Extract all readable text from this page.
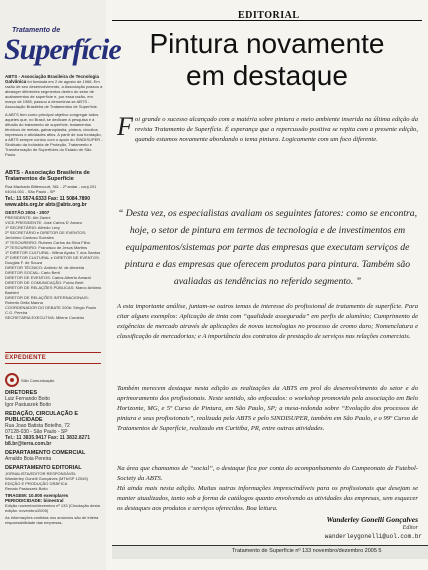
Tratamento de
Superfície
ABTS - Associação Brasileira de Tecnologia Galvânica foi fundada em 2 de agosto de 1968. Em razão de seu desenvolvimento, a Associação passou a abranger diferentes segmentos dentro do setor de acabamentos de superfície e, por essa razão, em março de 1985, passou a denominar-se ABTS - Associação Brasileira de Tratamentos de Superfície.
A ABTS tem como principal objetivo congregar todos aqueles que, no Brasil, se dedicam à pesquisa e à difusão do tratamento de superfície, tratamentos térmicos de metais, galvanoplastia, pintura, circuitos impressos e atividades afins. A partir de sua fundação, a ABTS sempre contou com o apoio do SINDISUPER - Sindicato da Indústria de Proteção, Tratamento e Transformação de Superfícies do Estado de São Paulo.
ABTS - Associação Brasileira de Tratamentos de Superfície
Rua Machado Bittencourt, 361 - 2º andar - conj.201 04044-001 - São Paulo - SP
Tel.: 11 5574.6333 Fax: 11 5084.7890
www.abts.org.br abts@abts.org.br
GESTÃO 2004 - 2007
PRESIDENTE: Airi Zanini
VICE-PRESIDENTE: José Carlos D' Amaro
1º SECRETÁRIO: Alfredo Levy
2º SECRETÁRIO e DIRETOR DE EVENTOS: Jerônimo Cardoso Sorrales
1º TESOUREIRO: Rubens Carlos da Silva Filho
2º TESOUREIRO: Francisco de Jesus Martins
1º DIRETOR CULTURAL: Wilma Ayako T. dos Santos
2º DIRETOR CULTURAL e DIRETOR DE EVENTOS: Douglas F. de Souza
DIRETOR TÉCNICO: Antônio M. de Almeida
DIRETOR SOCIAL: Carlo Berti
DIRETOR DE EVENTOS: Carlos Alberto Amaral
DIRETOR DE COMUNICAÇÃO: Fulvio Berti
DIRETOR DE RELAÇÕES PÚBLICAS: Marco Antônio Barbieri
DIRETOR DE RELAÇÕES INTERNACIONAIS: Roberto Della Manna
COORDENADOR DO DEBATE 2006: Sérgio Paulo C.G. Pereira
SECRETÁRIA EXECUTIVA: Milene Cordeiro
EXPEDIENTE
Stilo Comunicação
DIRETORES
Luiz Fernando Boito
Igor Pastuszek Boito
REDAÇÃO, CIRCULAÇÃO E PUBLICIDADE
Rua Joao Batista Botelho, 72
07128-030 - São Paulo - SP
Tel.: 11 3835.9417 Fax: 11 3832.8271
b8.br@terra.com.br
DEPARTAMENTO COMERCIAL
Arnaldo Boia Pereira
DEPARTAMENTO EDITORIAL
JORNALISTA/EDITOR RESPONSÁVEL
Wanderley Gonelli Gonçalves (MTb/SP 12049)
EDIÇÃO E PRODUÇÃO GRÁFICA
Renato Pastuszek Boito
TIRAGEM: 10.000 exemplares
PERIODICIDADE: bimestral
Edição novembro/dezembro nº 133 (Circulação desta edição: novembro/2005)
As informações contidas nos anúncios são de inteira responsabilidade das empresas.
EDITORIAL
Pintura novamente
em destaque
Foi grande o sucesso alcançado com a matéria sobre pintura e meio ambiente inserida na última edição da revista Tratamento de Superfície. É esperança que a repercussão positiva se repita com a presente edição, quando estamos novamente abordando o tema pintura. Logicamente com um foco diferente.
“ Desta vez, os especialistas avaliam os seguintes fatores: como se encontra, hoje, o setor de pintura em termos de tecnologia e de investimentos em equipamentos/sistemas por parte das empresas que executam serviços de pintura e das empresas que oferecem produtos para pintura. Também são avaliadas as tendências no referido segmento. ”
A esta importante análise, juntam-se outros temas de interesse do profissional de tratamento de superfície. Para citar alguns exemplos: Aplicação de tinta com “qualidade assegurada” em perfis de alumínio; Cumprimento de exigências de mercado através de aplicações de novas tecnologias no processo de cromo duro; Nomenclatura e classificação de mercadorias; e A importância dos contratos de prestação de serviços nas relações comerciais.
Também merecem destaque nesta edição as realizações da ABTS em prol do desenvolvimento do setor e do aprimoramento dos profissionais. Neste sentido, são enfocados: o workshop promovido pela associação em Belo Horizonte, MG, e 5º Curso de Pintura, em São Paulo, SP; a mesa-redonda sobre “Evolução dos processos de pintura e seus profissionais”, realizada pela ABTS e pelo SINDISUPER, também em São Paulo, e o 99º Curso de Tratamentos de Superfície, realizado em Curitiba, PR, entre outras atividades.
Na área que chamamos de “social”, o destaque fica por conta do acompanhamento do Campeonato de Futebol-Society da ABTS.
Há ainda mais nesta edição. Muitas outras informações imprescindíveis para os profissionais que desejam se manter atualizados, tanto sob a forma de catálogos quanto envolvendo as atividades das empresas, sem esquecer os destaques aos produtos e serviços oferecidos. Boa leitura.
Wanderley Gonelli Gonçalves
Editor
wanderleygonelli@uol.com.br
Tratamento de Superfície nº 133 novembro/dezembro 2005 5
